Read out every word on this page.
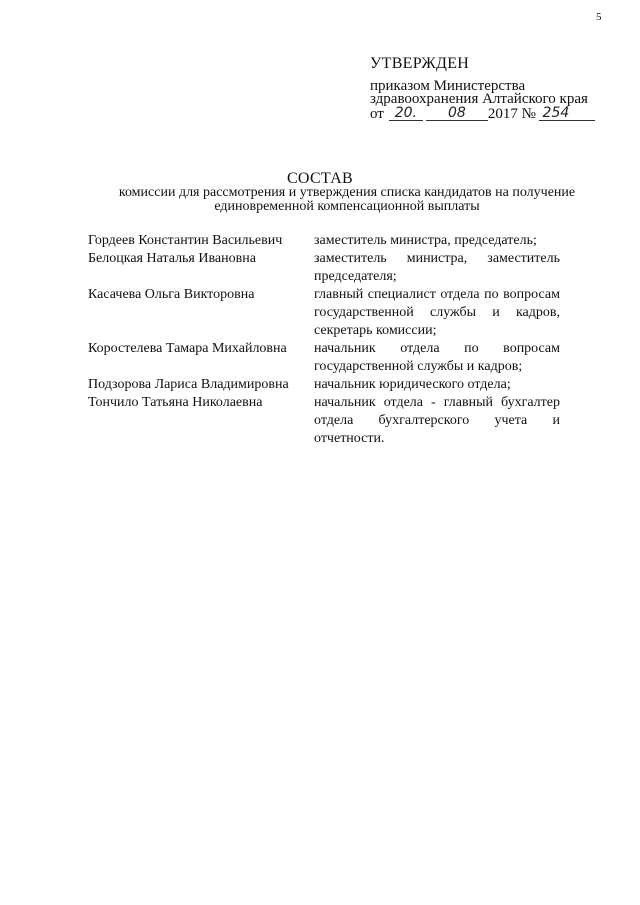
5
УТВЕРЖДЕН
приказом Министерства
здравоохранения Алтайского края
от 20.	08	2017 № 254
СОСТАВ
комиссии для рассмотрения и утверждения списка кандидатов на получение единовременной компенсационной выплаты
Гордеев Константин Васильевич	заместитель министра, председатель;
Белоцкая Наталья Ивановна	заместитель министра, заместитель председателя;
Касачева Ольга Викторовна	главный специалист отдела по вопросам государственной службы и кадров, секретарь комиссии;
Коростелева Тамара Михайловна	начальник отдела по вопросам государственной службы и кадров;
Подзорова Лариса Владимировна	начальник юридического отдела;
Тончило Татьяна Николаевна	начальник отдела - главный бухгалтер отдела бухгалтерского учета и отчетности.
